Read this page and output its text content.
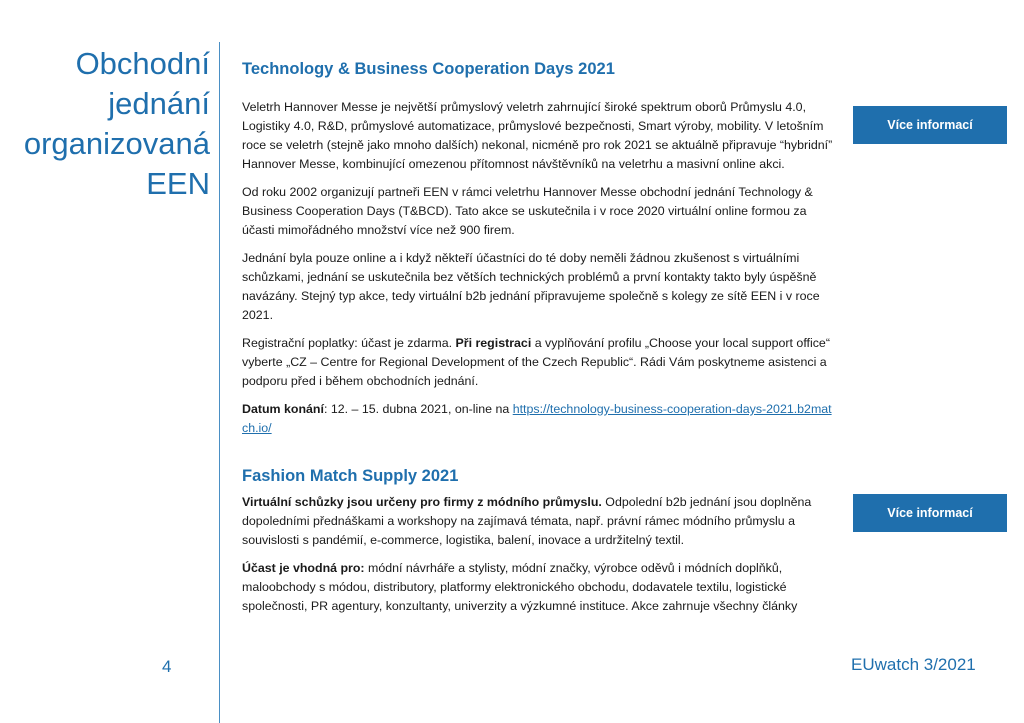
Obchodní
jednání
organizovaná
EEN
Technology & Business Cooperation Days 2021

Veletrh Hannover Messe je největší průmyslový veletrh zahrnující široké spektrum oborů Průmyslu 4.0, Logistiky 4.0, R&D, průmyslové automatizace, průmyslové bezpečnosti, Smart výroby, mobility. V letošním roce se veletrh (stejně jako mnoho dalších) nekonal, nicméně pro rok 2021 se aktuálně připravuje “hybridní” Hannover Messe, kombinující omezenou přítomnost návštěvníků na veletrhu a masivní online akci.

Od roku 2002 organizují partneři EEN v rámci veletrhu Hannover Messe obchodní jednání Technology & Business Cooperation Days (T&BCD). Tato akce se uskutečnila i v roce 2020 virtuální online formou za účasti mimořádného množství více než 900 firem.

Jednání byla pouze online a i když někteří účastníci do té doby neměli žádnou zkušenost s virtuálními schůzkami, jednání se uskutečnila bez větších technických problémů a první kontakty takto byly úspěšně navázány. Stejný typ akce, tedy virtuální b2b jednání připravujeme společně s kolegy ze sítě EEN i v roce 2021.

Registrační poplatky: účast je zdarma. Při registraci a vyplňování profilu „Choose your local support office“ vyberte „CZ – Centre for Regional Development of the Czech Republic“. Rádi Vám poskytneme asistenci a podporu před i během obchodních jednání.

Datum konání: 12. – 15. dubna 2021, on-line na https://technology-business-cooperation-days-2021.b2match.io/

Více informací
Fashion Match Supply 2021

Virtuální schůzky jsou určeny pro firmy z módního průmyslu. Odpolední b2b jednání jsou doplněna dopoledními přednáškami a workshopy na zajímavá témata, např. právní rámec módního průmyslu a souvislosti s pandémií, e-commerce, logistika, balení, inovace a urdržitelný textil.

Účast je vhodná pro: módní návrháře a stylisty, módní značky, výrobce oděvů i módních doplňků, maloobchody s módou, distributory, platformy elektronického obchodu, dodavatele textilu, logistické společnosti, PR agentury, konzultanty, univerzity a výzkumné instituce. Akce zahrnuje všechny články

Více informací
4	EUwatch 3/2021
